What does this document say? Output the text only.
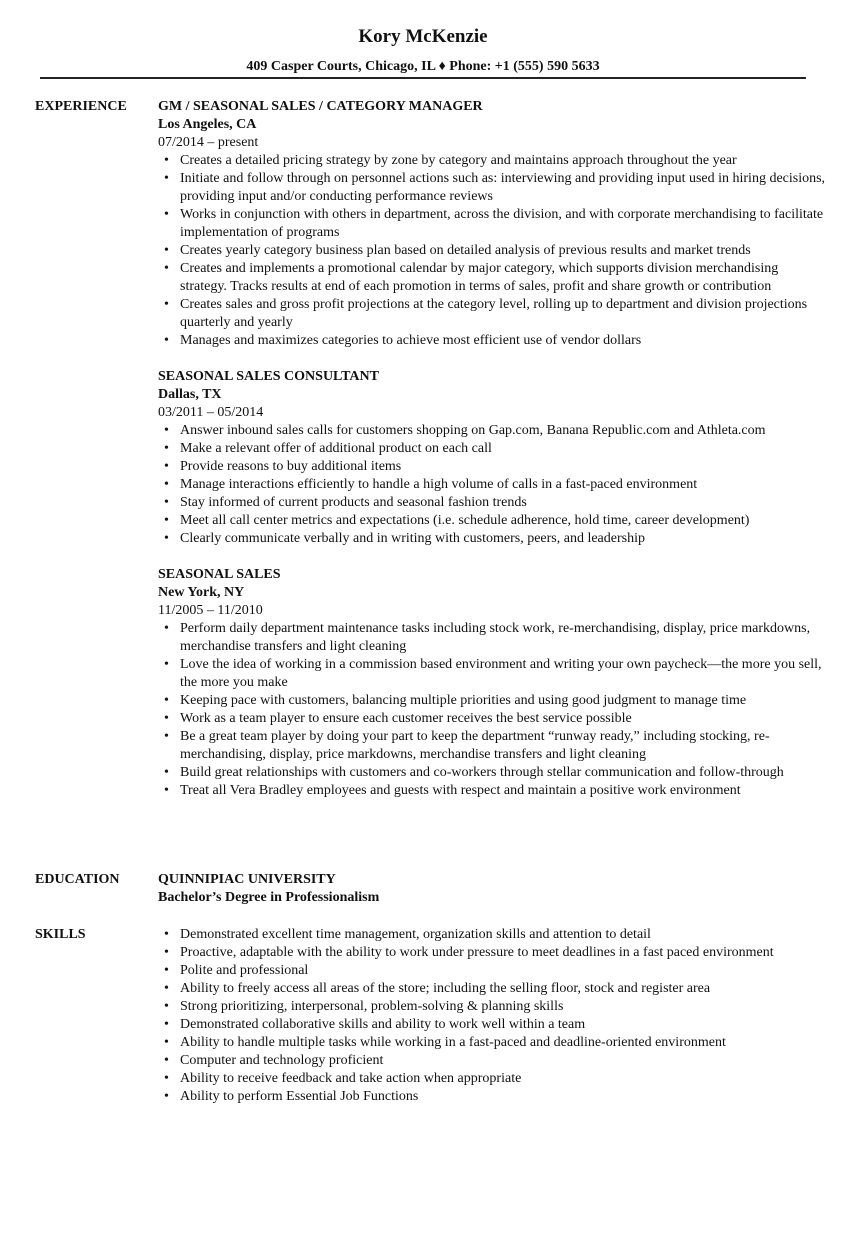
Kory McKenzie
409 Casper Courts, Chicago, IL ♦ Phone: +1 (555) 590 5633
EXPERIENCE	GM / SEASONAL SALES / CATEGORY MANAGER
Los Angeles, CA
07/2014 – present
• Creates a detailed pricing strategy by zone by category and maintains approach throughout the year
• Initiate and follow through on personnel actions such as: interviewing and providing input used in hiring decisions, providing input and/or conducting performance reviews
• Works in conjunction with others in department, across the division, and with corporate merchandising to facilitate implementation of programs
• Creates yearly category business plan based on detailed analysis of previous results and market trends
• Creates and implements a promotional calendar by major category, which supports division merchandising strategy. Tracks results at end of each promotion in terms of sales, profit and share growth or contribution
• Creates sales and gross profit projections at the category level, rolling up to department and division projections quarterly and yearly
• Manages and maximizes categories to achieve most efficient use of vendor dollars
SEASONAL SALES CONSULTANT
Dallas, TX
03/2011 – 05/2014
• Answer inbound sales calls for customers shopping on Gap.com, Banana Republic.com and Athleta.com
• Make a relevant offer of additional product on each call
• Provide reasons to buy additional items
• Manage interactions efficiently to handle a high volume of calls in a fast-paced environment
• Stay informed of current products and seasonal fashion trends
• Meet all call center metrics and expectations (i.e. schedule adherence, hold time, career development)
• Clearly communicate verbally and in writing with customers, peers, and leadership
SEASONAL SALES
New York, NY
11/2005 – 11/2010
• Perform daily department maintenance tasks including stock work, re-merchandising, display, price markdowns, merchandise transfers and light cleaning
• Love the idea of working in a commission based environment and writing your own paycheck—the more you sell, the more you make
• Keeping pace with customers, balancing multiple priorities and using good judgment to manage time
• Work as a team player to ensure each customer receives the best service possible
• Be a great team player by doing your part to keep the department “runway ready,” including stocking, re-merchandising, display, price markdowns, merchandise transfers and light cleaning
• Build great relationships with customers and co-workers through stellar communication and follow-through
• Treat all Vera Bradley employees and guests with respect and maintain a positive work environment
EDUCATION	QUINNIPIAC UNIVERSITY
Bachelor’s Degree in Professionalism
SKILLS
•	Demonstrated excellent time management, organization skills and attention to detail
• Proactive, adaptable with the ability to work under pressure to meet deadlines in a fast paced environment
• Polite and professional
• Ability to freely access all areas of the store; including the selling floor, stock and register area
• Strong prioritizing, interpersonal, problem-solving & planning skills
• Demonstrated collaborative skills and ability to work well within a team
• Ability to handle multiple tasks while working in a fast-paced and deadline-oriented environment
• Computer and technology proficient
• Ability to receive feedback and take action when appropriate
• Ability to perform Essential Job Functions
